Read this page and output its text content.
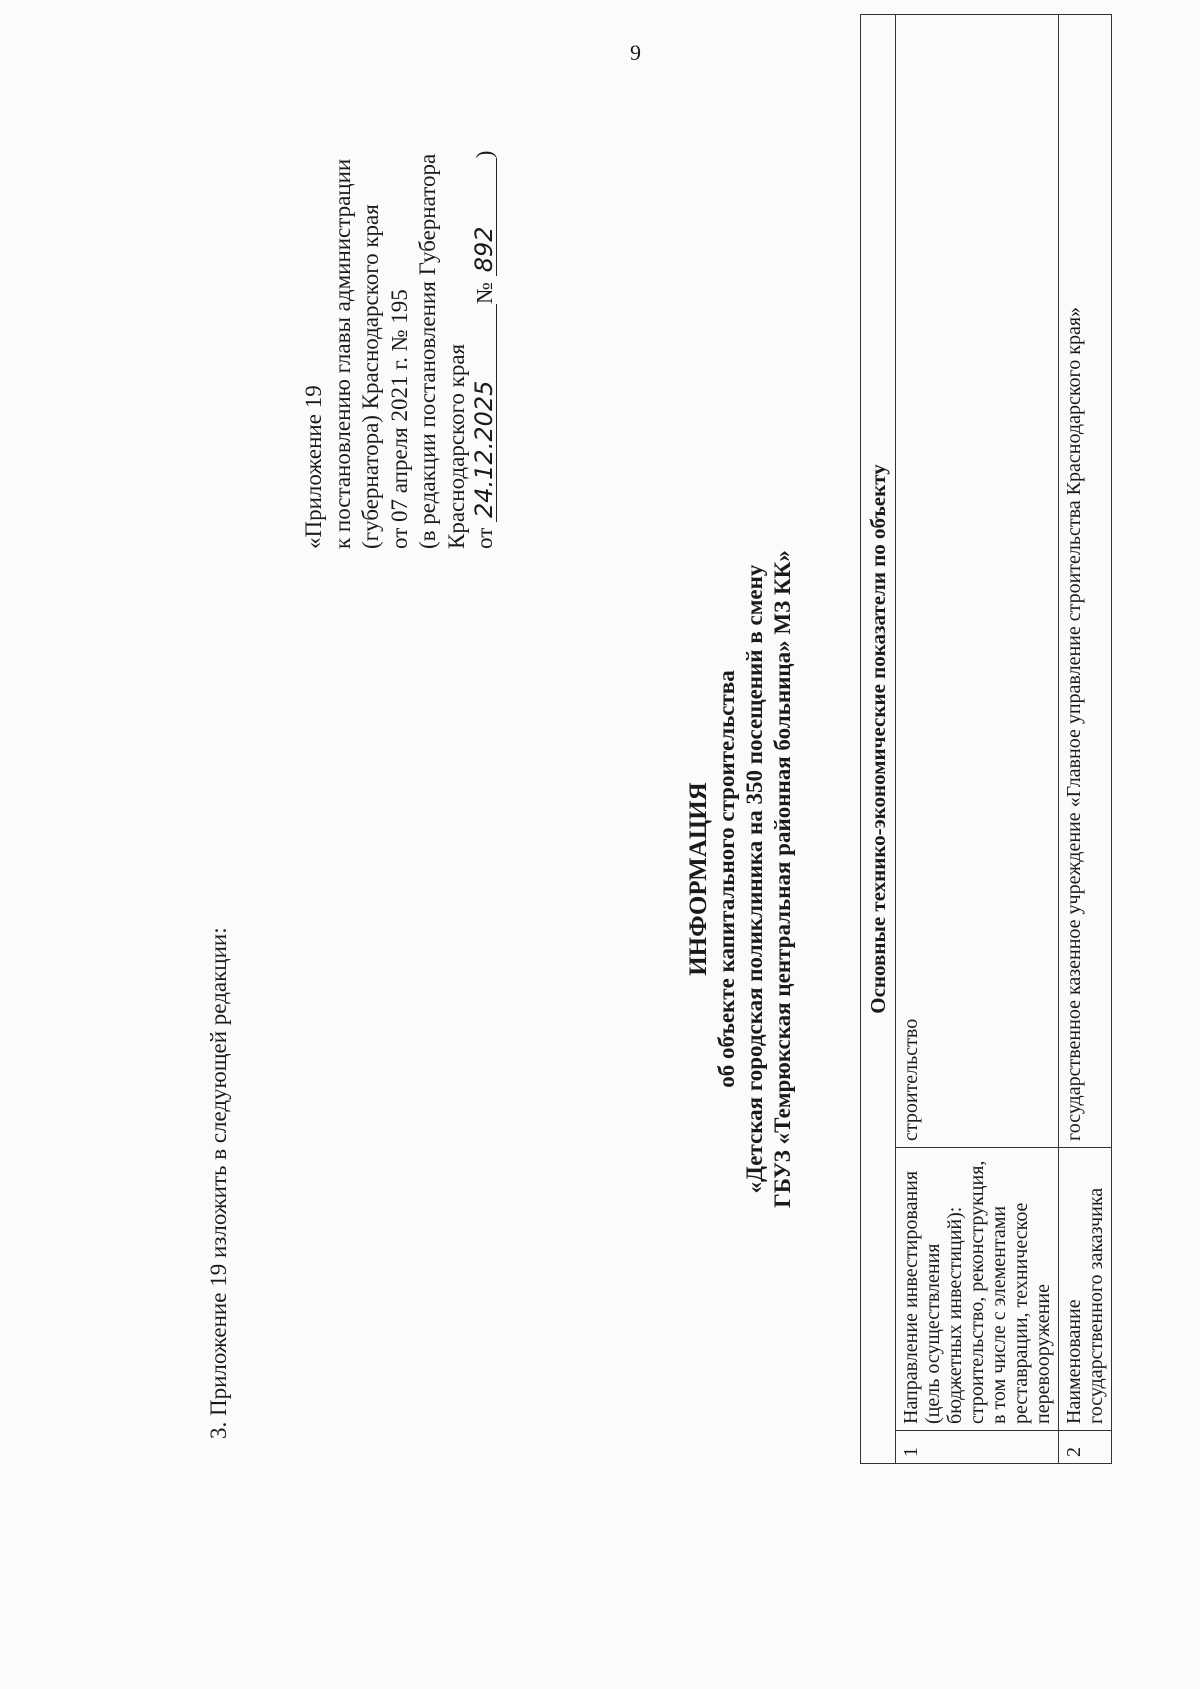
9
3. Приложение 19 изложить в следующей редакции:
«Приложение 19 к постановлению главы администрации (губернатора) Краснодарского края от 07 апреля 2021 г. № 195 (в редакции постановления Губернатора Краснодарского края от 24.12.2025№ 892)
ИНФОРМАЦИЯ об объекте капитального строительства «Детская городская поликлиника на 350 посещений в смену ГБУЗ «Темрюкская центральная районная больница» МЗ КК»	Основные технико-экономические показатели по объекту		
1	Направление инвестирования (цель осуществления бюджетных инвестиций): строительство, реконструкция, в том числе с элементами реставрации, техническое перевооружение	строительство
2	Наименование государственного заказчика	государственное казенное учреждение «Главное управление строительства Краснодарского края»
